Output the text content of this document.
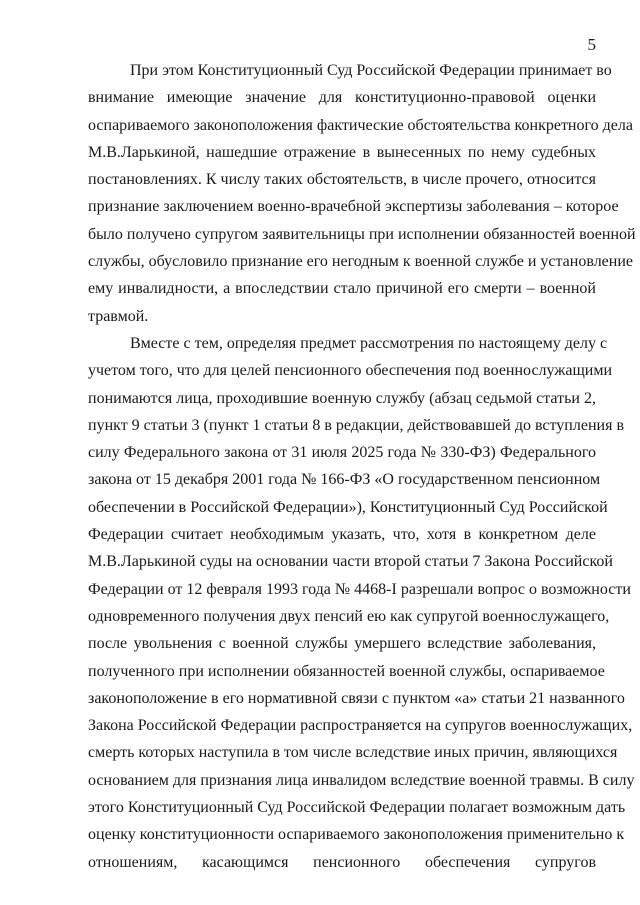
5
При этом Конституционный Суд Российской Федерации принимает во
внимание имеющие значение для конституционно-правовой оценки
оспариваемого законоположения фактические обстоятельства конкретного дела
М.В.Ларькиной, нашедшие отражение в вынесенных по нему судебных
постановлениях. К числу таких обстоятельств, в числе прочего, относится
признание заключением военно-врачебной экспертизы заболевания – которое
было получено супругом заявительницы при исполнении обязанностей военной
службы, обусловило признание его негодным к военной службе и установление
ему инвалидности, а впоследствии стало причиной его смерти – военной
травмой.
Вместе с тем, определяя предмет рассмотрения по настоящему делу с
учетом того, что для целей пенсионного обеспечения под военнослужащими
понимаются лица, проходившие военную службу (абзац седьмой статьи 2,
пункт 9 статьи 3 (пункт 1 статьи 8 в редакции, действовавшей до вступления в
силу Федерального закона от 31 июля 2025 года № 330-ФЗ) Федерального
закона от 15 декабря 2001 года № 166-ФЗ «О государственном пенсионном
обеспечении в Российской Федерации»), Конституционный Суд Российской
Федерации считает необходимым указать, что, хотя в конкретном деле
М.В.Ларькиной суды на основании части второй статьи 7 Закона Российской
Федерации от 12 февраля 1993 года № 4468-I разрешали вопрос о возможности
одновременного получения двух пенсий ею как супругой военнослужащего,
после увольнения с военной службы умершего вследствие заболевания,
полученного при исполнении обязанностей военной службы, оспариваемое
законоположение в его нормативной связи с пунктом «а» статьи 21 названного
Закона Российской Федерации распространяется на супругов военнослужащих,
смерть которых наступила в том числе вследствие иных причин, являющихся
основанием для признания лица инвалидом вследствие военной травмы. В силу
этого Конституционный Суд Российской Федерации полагает возможным дать
оценку конституционности оспариваемого законоположения применительно к
отношениям, касающимся пенсионного обеспечения супругов
